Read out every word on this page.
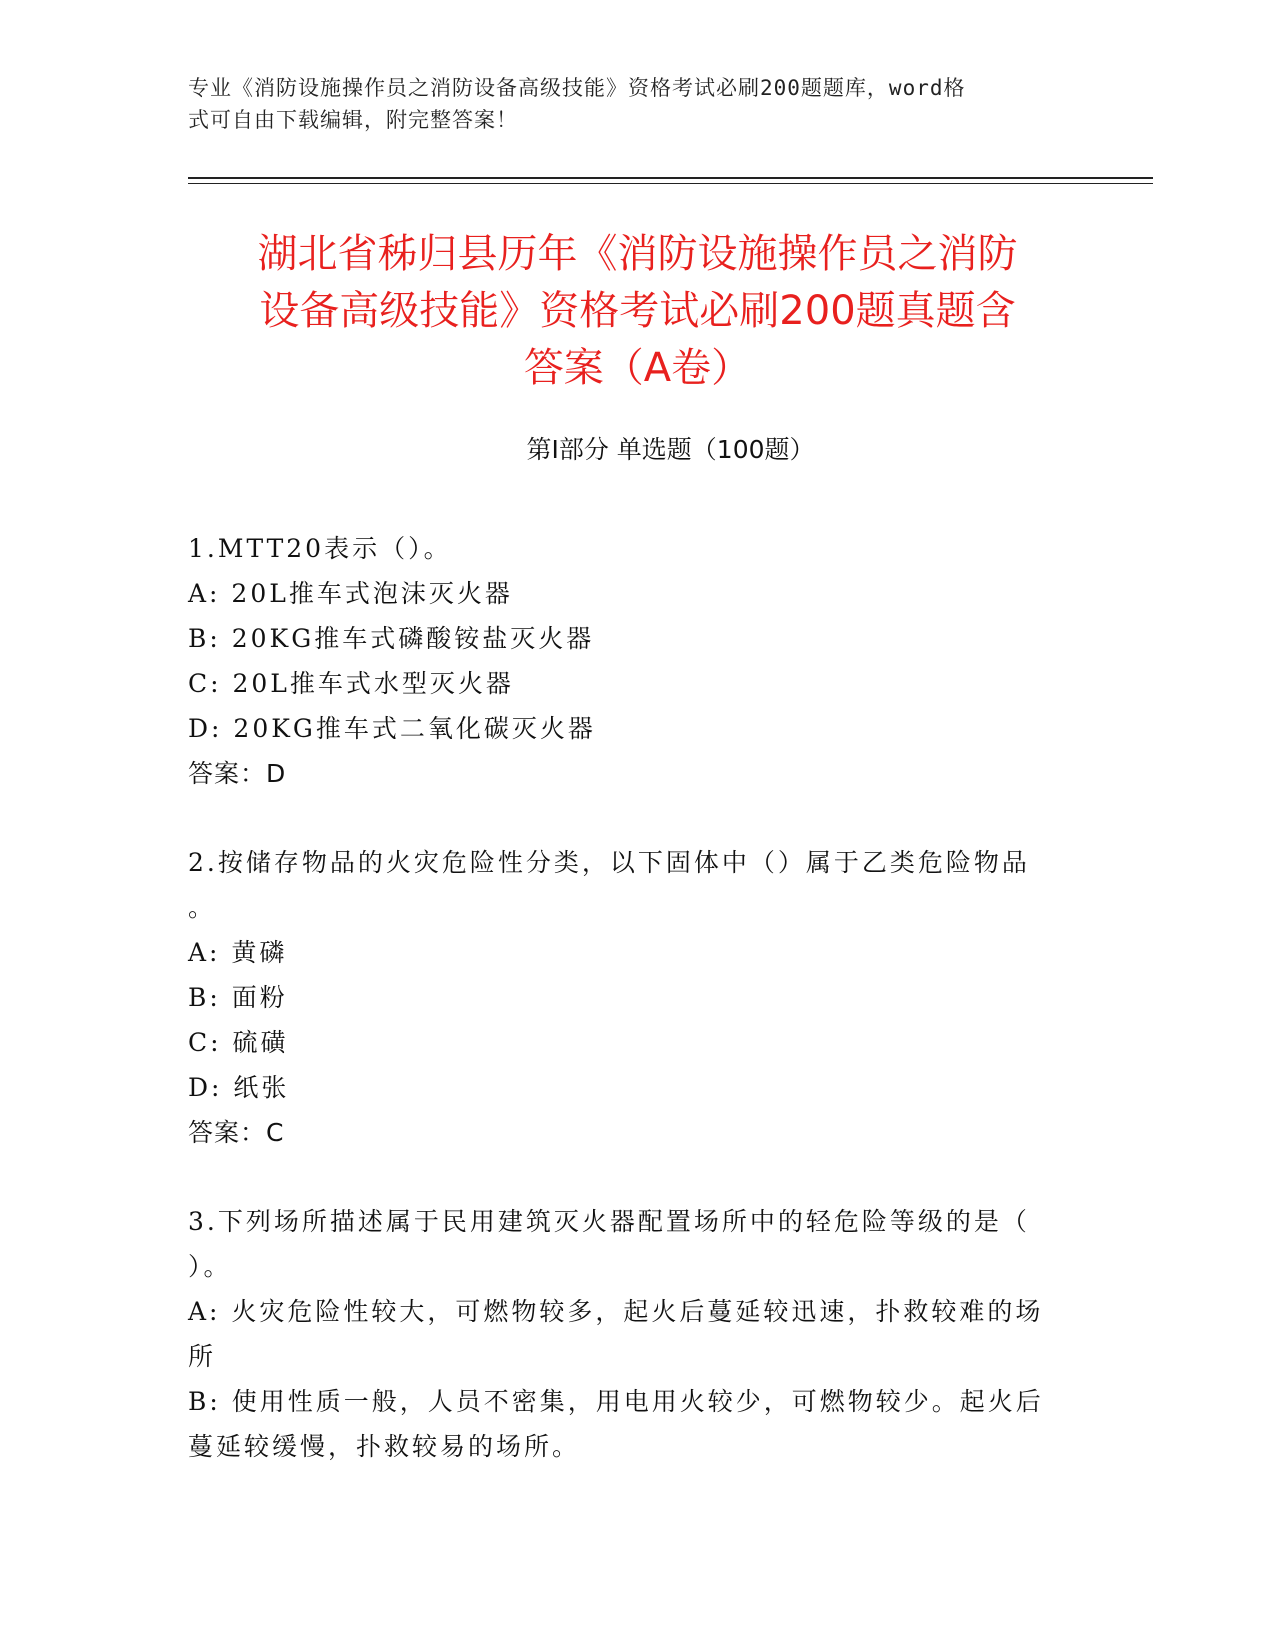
专业《消防设施操作员之消防设备高级技能》资格考试必刷200题题库，word格
式可自由下载编辑，附完整答案！
湖北省秭归县历年《消防设施操作员之消防
设备高级技能》资格考试必刷200题真题含
答案（A卷）
第Ⅰ部分 单选题（100题）
1.MTT20表示（）。
A: 20L推车式泡沫灭火器
B: 20KG推车式磷酸铵盐灭火器
C: 20L推车式水型灭火器
D: 20KG推车式二氧化碳灭火器
答案：D
2.按储存物品的火灾危险性分类，以下固体中（）属于乙类危险物品
。
A: 黄磷
B: 面粉
C: 硫磺
D: 纸张
答案：C
3.下列场所描述属于民用建筑灭火器配置场所中的轻危险等级的是（
）。
A: 火灾危险性较大，可燃物较多，起火后蔓延较迅速，扑救较难的场
所
B: 使用性质一般，人员不密集，用电用火较少，可燃物较少。起火后
蔓延较缓慢，扑救较易的场所。
